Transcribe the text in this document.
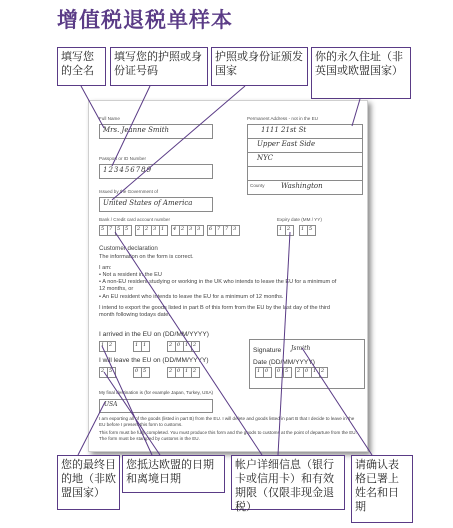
增值税退税单样本
填写您的全名
填写您的护照或身份证号码
护照或身份证颁发国家
你的永久住址（非英国或欧盟国家）
Full Name
Mrs. Jeanne Smith
Passport or ID Number
123456789
Issued by the Government of
United States of America
Permanent Address - not in the EU
1111 21st St
Upper East Side
NYC
County Washington
Bank / Credit card account number
5 7 5 5 2 2 3 1 4 2 3 3 6 7 7 3
Expiry date (MM / YY)
1 2 1 5
Customer declaration
The information on the form is correct.
I am:
• Not a resident in the EU
• A non-EU resident studying or working in the UK who intends to leave the EU for a minimum of 12 months, or
• An EU resident who intends to leave the EU for a minimum of 12 months.
I intend to export the goods listed in part B of this form from the EU by the last day of the third month following todays date.
I arrived in the EU on (DD/MM/YYYY)
1 2	1 1	2 0 1 2
I will leave the EU on (DD/MM/YYYY)
2 5	0 5	2 0 1 2
Signature Jsmith
Date (DD/MM/YYYY)
1 0 0 5 2 0 1 2
My final destination is (for example Japan, Turkey, USA)
USA
I am exporting all of the goods (listed in part B) from the EU. I will delete and goods listed in part B that I decide to leave in the EU before I present this form to customs.
This form must be fully completed. You must produce this form and the goods to customs at the point of departure from the EU. The form must be stamped by customs in the EU.
您的最终目的地（非欧盟国家）
您抵达欧盟的日期和离境日期
帐户详细信息（银行卡或信用卡）和有效期限（仅限非现金退税）
请确认表格已署上姓名和日期
